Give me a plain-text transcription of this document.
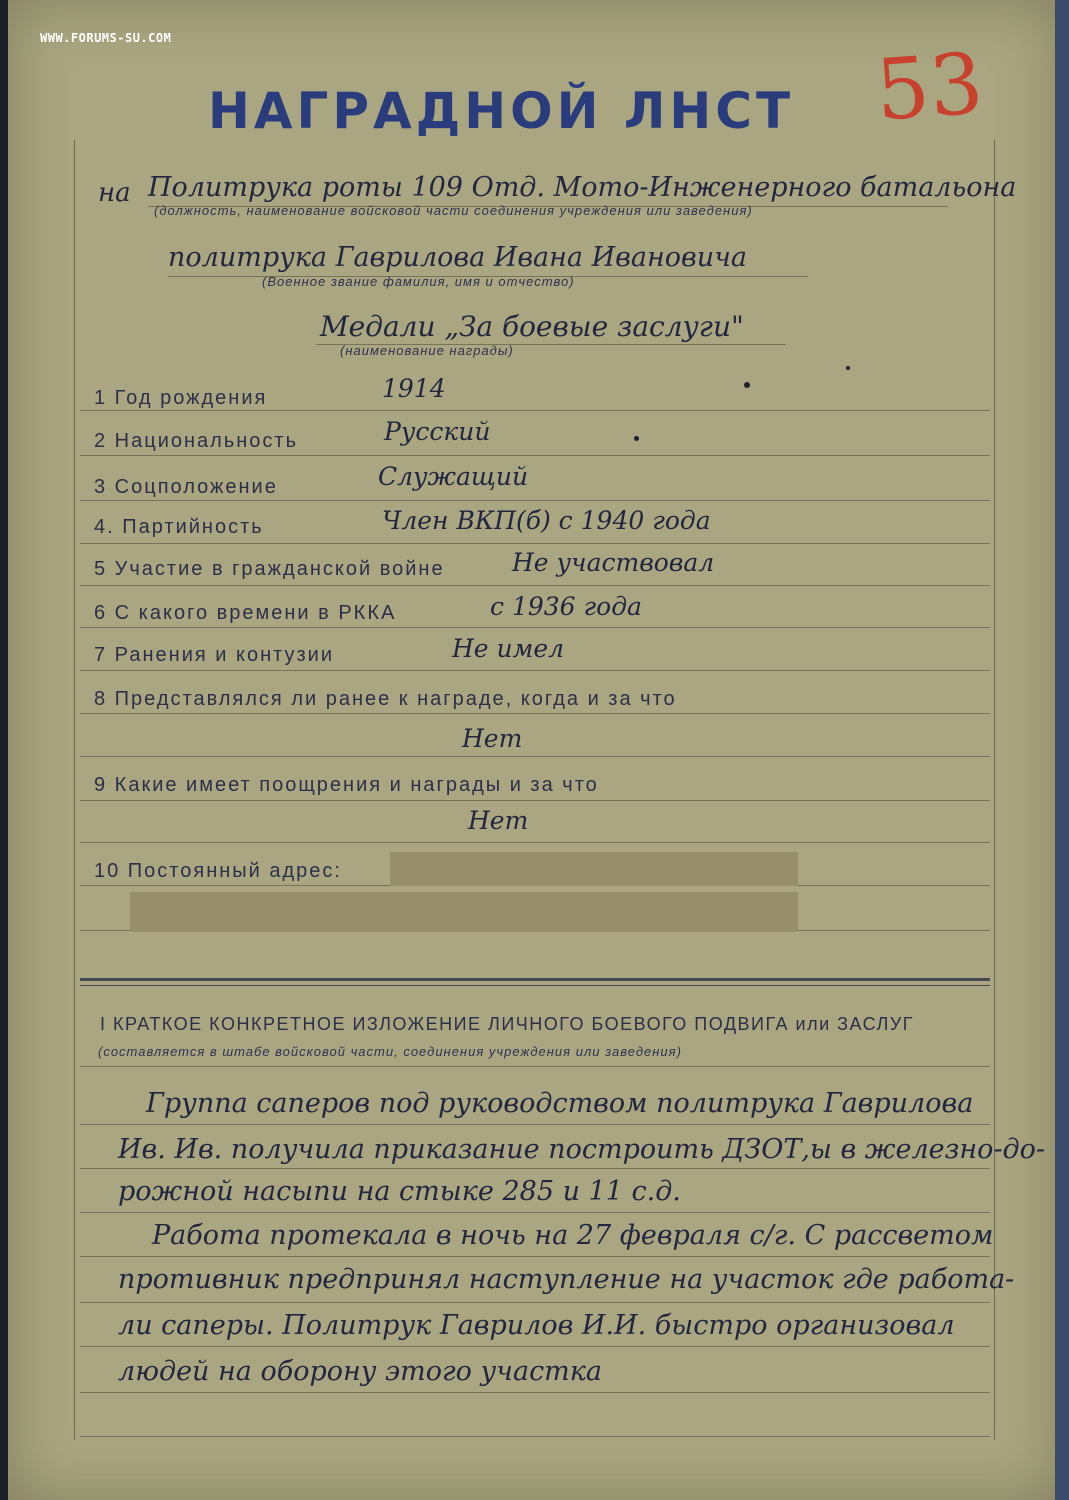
WWW.FORUMS-SU.COM	53
НАГРАДНОЙ ЛНСТ
на Политрука роты 109 Отд. Мото-Инженерного батальона
(должность, наименование войсковой части соединения учреждения или заведения)
политрука Гаврилова Ивана Ивановича
(Военное звание фамилия, имя и отчество)
Медали „За боевые заслуги"
(наименование награды)
1 Год рождения	1914
2 Национальность	Русский
3 Соцположение	Служащий
4. Партийность	Член ВКП(б) с 1940 года
5 Участие в гражданской войне	Не участвовал
6 С какого времени в РККА	с 1936 года
7 Ранения и контузии	Не имел
8 Представлялся ли ранее к награде, когда и за что
Нет
9 Какие имеет поощрения и награды и за что
Нет
10 Постоянный адрес:
I КРАТКОЕ КОНКРЕТНОЕ ИЗЛОЖЕНИЕ ЛИЧНОГО БОЕВОГО ПОДВИГА или ЗАСЛУГ
(составляется в штабе войсковой части, соединения учреждения или заведения)
Группа саперов под руководством политрука Гаврилова
Ив. Ив. получила приказание построить ДЗОТ,ы в железно-до-
рожной насыпи на стыке 285 и 11 с.д.
Работа протекала в ночь на 27 февраля с/г. С рассветом
противник предпринял наступление на участок где работа-
ли саперы. Политрук Гаврилов И.И. быстро организовал
людей на оборону этого участка
